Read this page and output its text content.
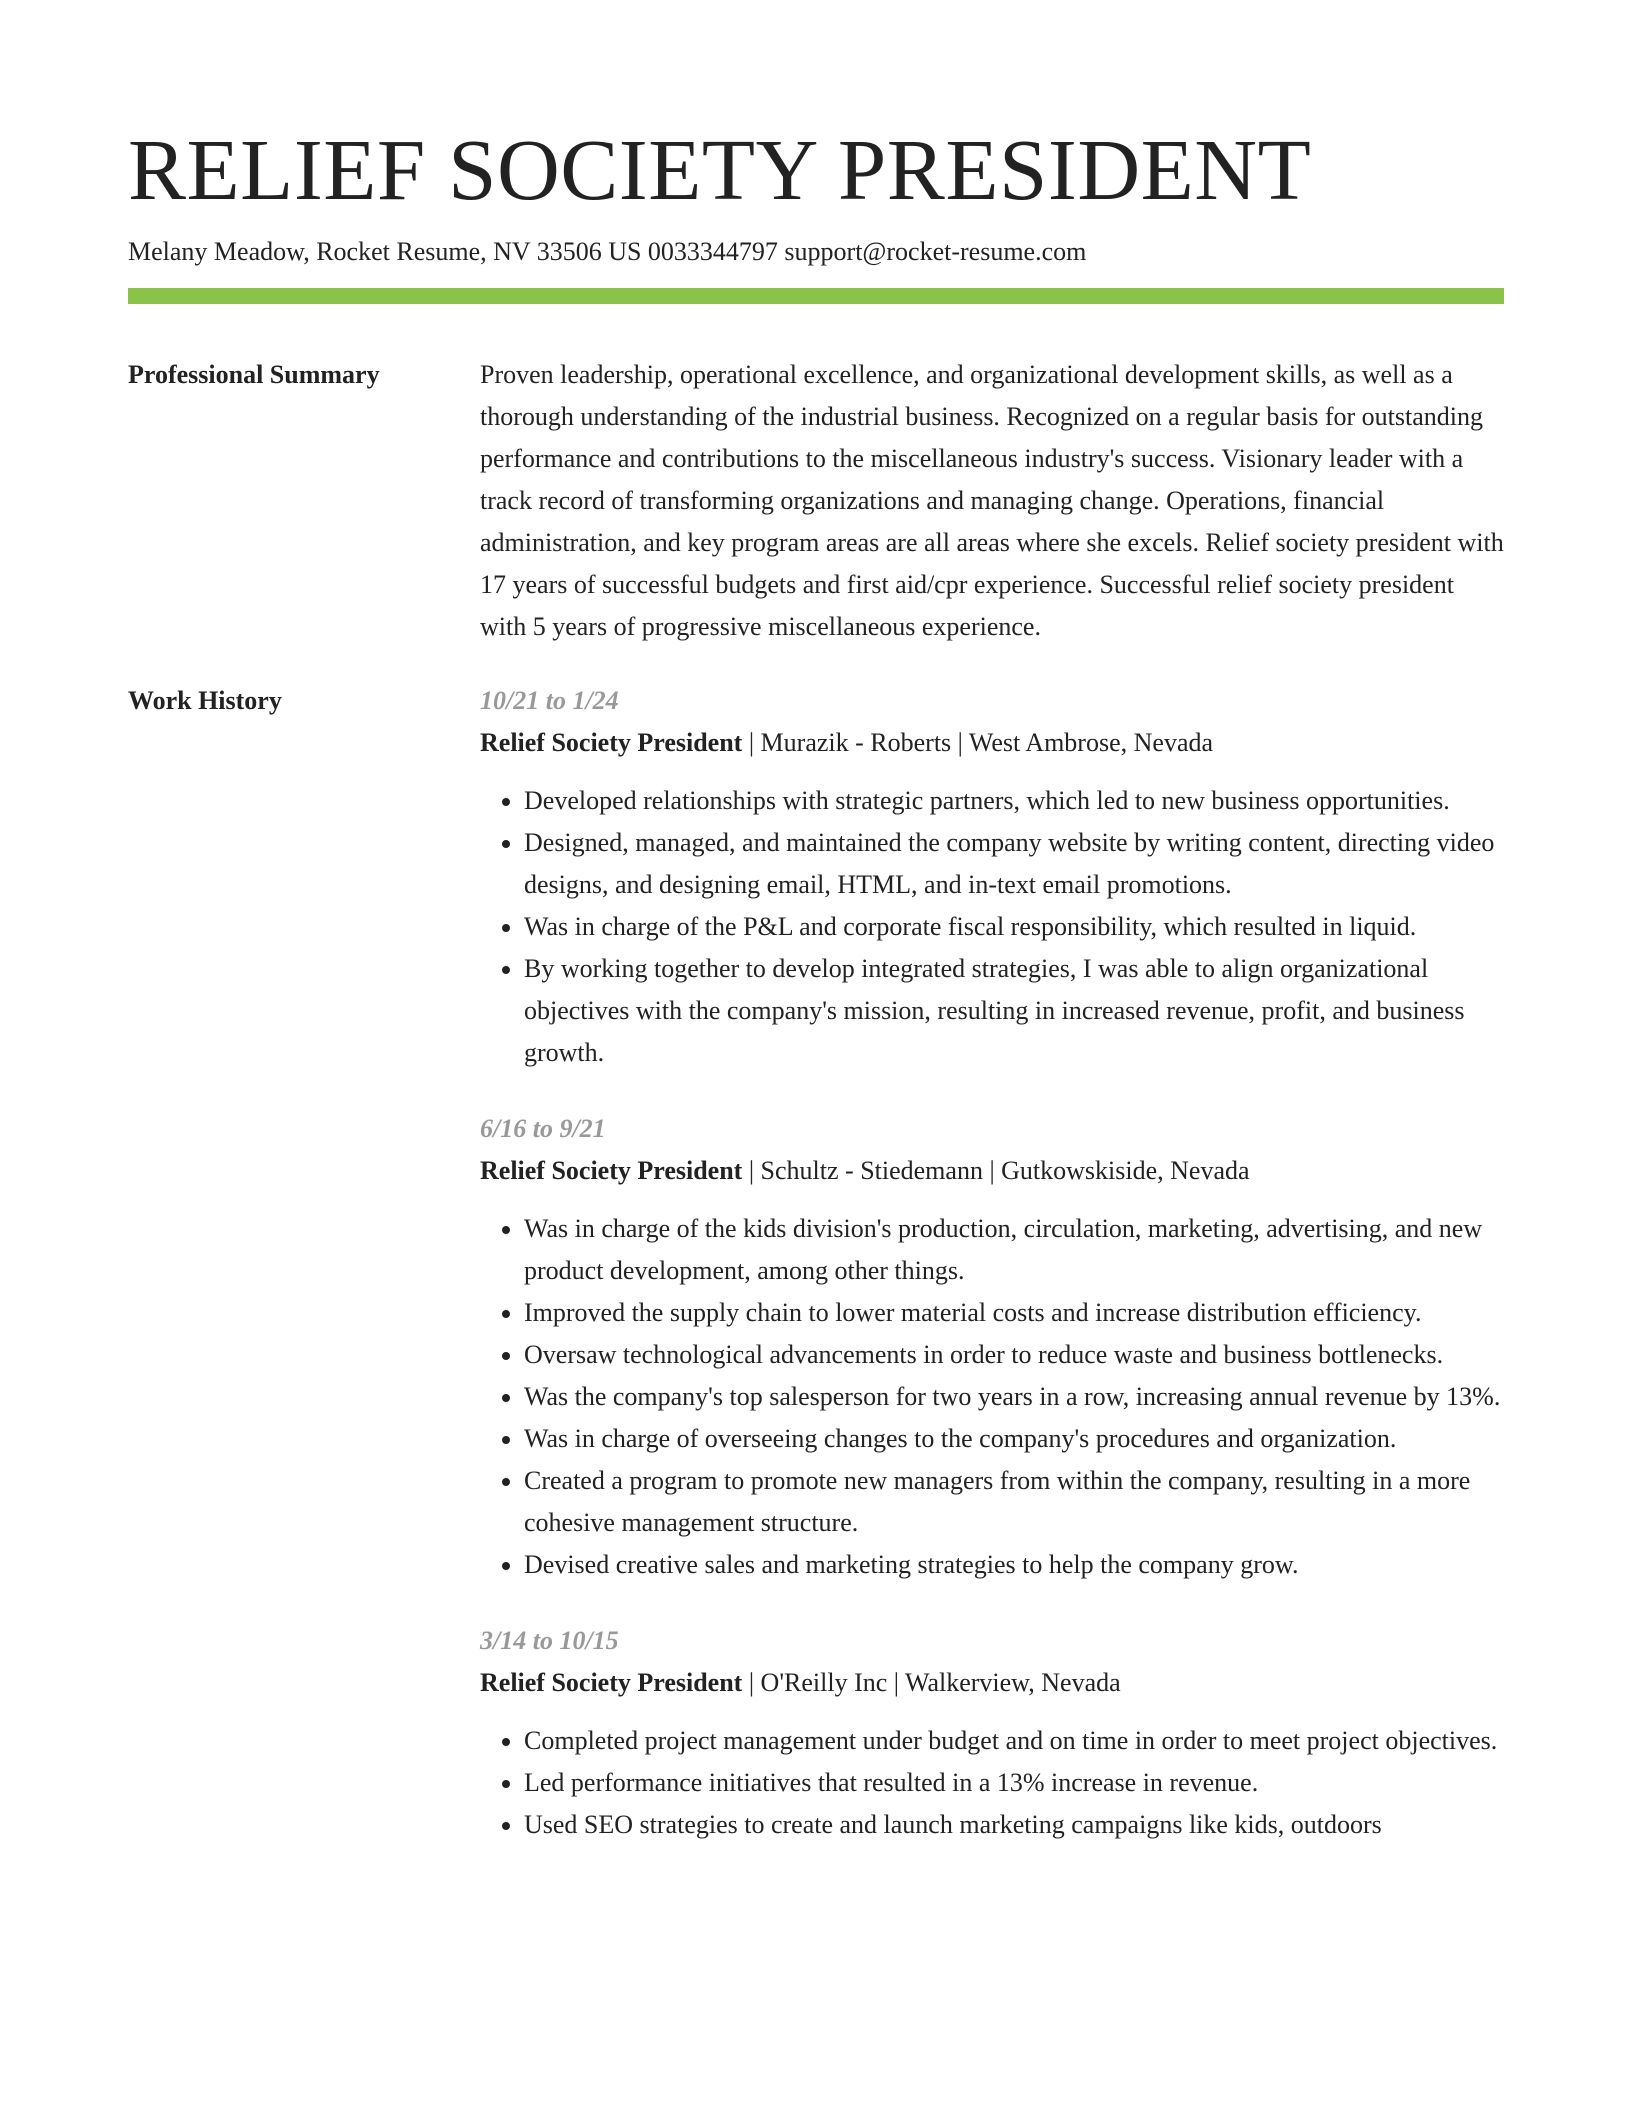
RELIEF SOCIETY PRESIDENT
Melany Meadow, Rocket Resume, NV 33506 US 0033344797 support@rocket-resume.com
Professional Summary	Proven leadership, operational excellence, and organizational development skills, as well as a thorough understanding of the industrial business. Recognized on a regular basis for outstanding performance and contributions to the miscellaneous industry's success. Visionary leader with a track record of transforming organizations and managing change. Operations, financial administration, and key program areas are all areas where she excels. Relief society president with 17 years of successful budgets and first aid/cpr experience. Successful relief society president with 5 years of progressive miscellaneous experience.

Work History	10/21 to 1/24
Relief Society President | Murazik - Roberts | West Ambrose, Nevada
• Developed relationships with strategic partners, which led to new business opportunities.
• Designed, managed, and maintained the company website by writing content, directing video designs, and designing email, HTML, and in-text email promotions.
• Was in charge of the P&L and corporate fiscal responsibility, which resulted in liquid.
• By working together to develop integrated strategies, I was able to align organizational objectives with the company's mission, resulting in increased revenue, profit, and business growth.
6/16 to 9/21
Relief Society President | Schultz - Stiedemann | Gutkowskiside, Nevada
• Was in charge of the kids division's production, circulation, marketing, advertising, and new product development, among other things.
• Improved the supply chain to lower material costs and increase distribution efficiency.
• Oversaw technological advancements in order to reduce waste and business bottlenecks.
• Was the company's top salesperson for two years in a row, increasing annual revenue by 13%.
• Was in charge of overseeing changes to the company's procedures and organization.
• Created a program to promote new managers from within the company, resulting in a more cohesive management structure.
• Devised creative sales and marketing strategies to help the company grow.
3/14 to 10/15
Relief Society President | O'Reilly Inc | Walkerview, Nevada
• Completed project management under budget and on time in order to meet project objectives.
• Led performance initiatives that resulted in a 13% increase in revenue.
• Used SEO strategies to create and launch marketing campaigns like kids, outdoors
